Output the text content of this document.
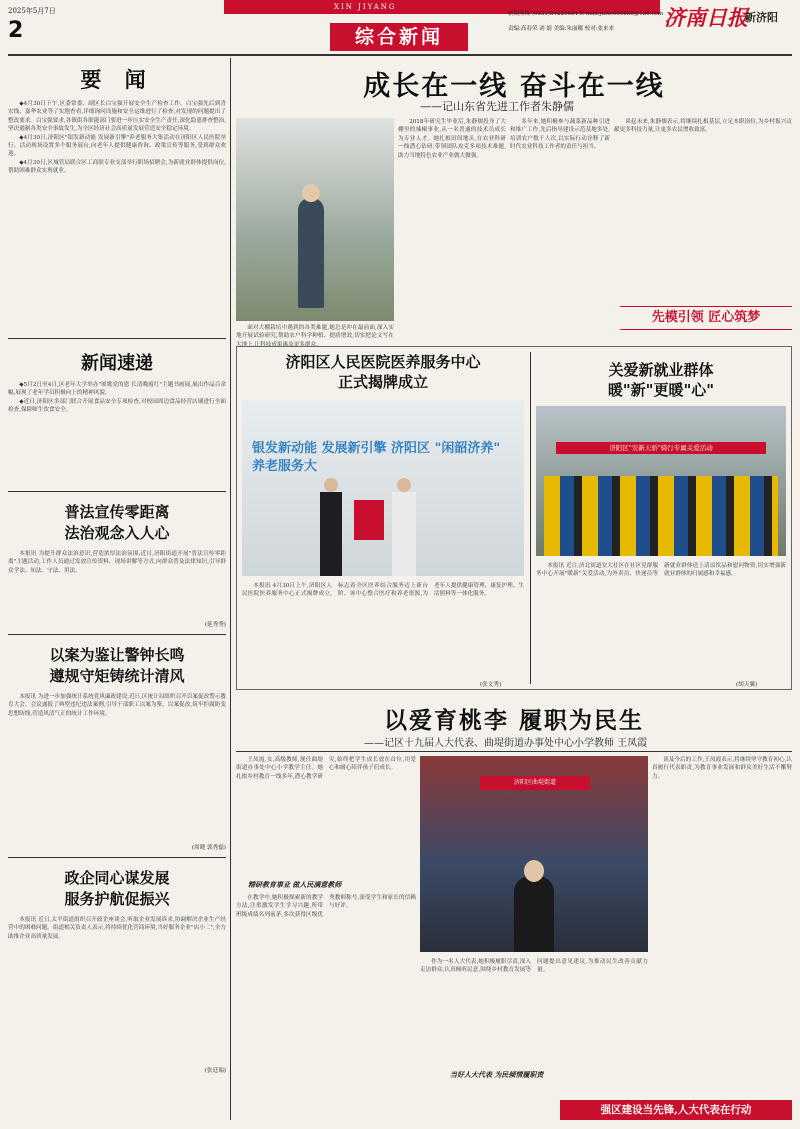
2025年5月7日
2
XIN JIYANG
新闻热线 (0531)84229684 E-mail:jizhe666888@126.com
责编:高春荣 刘 婧 美编:朱丽娜 校对:张来来
综合新闻
济南日报
新济阳
要 闻

◆4月30日下午,区委常委、副区长白宝强开展安全生产检查工作。白宝强先后到青宏线、嘉华农业等了实地查看,详细询问设施和安全运维进行了检查,对发现的问题提出了整改要求。白宝强要求,各镇街各职能部门要进一步压实安全生产责任,深化隐患排查整治,坚决遏制各类安全事故发生,为全区经济社会高质量发展营造安全稳定环境。

◆4月30日,济阳区"银发新动能 发展新引擎"养老服务大集活动在济阳区人民医院举行。活动现场设置多个服务展台,向老年人提供健康咨询、政策宣传等服务,受到群众欢迎。

◆4月30日,区城管局联合区工商联专业支部举行职场招聘会,为新就业群体提供岗位,帮助困难群众实现就业。

新闻速递

◆5月2日至4日,区老年大学举办"颂歌党的恩 长清晚霞红"主题书画展,展出作品百余幅,展现了老年学员积极向上的精神风貌。

◆近日,济阳区多部门联合开展食品安全专项检查,对校园周边食品经营店铺进行全面检查,保障师生饮食安全。

普法宣传零距离
法治观念入人心

本报讯 为提升群众法治意识,营造浓厚法治氛围,近日,济阳街道开展"普法宣传零距离"主题活动,工作人员通过发放宣传资料、现场讲解等方式,向群众普及法律知识,引导群众学法、知法、守法、用法。

(延秀秀)
以案为鉴让警钟长鸣
遵规守矩铸统计清风

本报讯 为进一步加强统计系统党风廉政建设,近日,区统计局组织召开以案促改警示教育大会。会议通报了典型违纪违法案例,引导干部职工以案为鉴、以案促改,筑牢拒腐防变思想防线,营造风清气正的统计工作环境。

(周晓 郭秀磊)
政企同心谋发展
服务护航促振兴

本报讯 近日,太平街道组织召开政企座谈会,听取企业发展诉求,协调解决企业生产经营中的困难问题。街道相关负责人表示,将持续优化营商环境,当好服务企业"店小二",全力助推企业高质量发展。

(张廷瑞)
成长在一线 奋斗在一线
——记山东省先进工作者朱静儒

2018年研究生毕业后,朱静儒投身了大棚里的辣椒事业,从一名普通的技术员成长为专业人才。她扎根田间地头,在农业科研一线潜心钻研,带领团队攻克多项技术难题,助力当地特色农业产业做大做强。

面对大棚栽培中遇到的各类难题,她总是冲在最前面,深入实地开展试验研究,帮助农户科学种植、提质增效,切实把论文写在大地上,让科技成果惠及更多群众。

多年来,她积极参与蔬菜新品种引进和推广工作,先后指导建设示范基地多处,培训农户数千人次,以实际行动诠释了新时代农业科技工作者的责任与担当。

谈起未来,朱静儒表示,将继续扎根基层,立足本职岗位,为乡村振兴贡献更多科技力量,让更多农民增收致富。

先模引领 匠心筑梦
济阳区人民医院医养服务中心
正式揭牌成立
银发新动能 发展新引擎 济阳区 "闲韶济养" 养老服务大

本报讯 4月30日上午,济阳区人民医院医养服务中心正式揭牌成立,标志着全区医养结合服务迈上新台阶。该中心整合医疗和养老资源,为老年人提供健康管理、康复护理、生活照料等一体化服务。

(张文秀)
关爱新就业群体
暖"新"更暖"心"
济阳区"安新天骄"骑行专属关爱活动

本报讯 近日,济北街道安大社区在社区党群服务中心开展"暖新"关爱活动,为外卖员、快递员等新就业群体送上清凉饮品和慰问物资,切实增强新就业群体的归属感和幸福感。

(胡天翼)
以爱育桃李 履职为民生
——记区十九届人大代表、曲堤街道办事处中心小学教师 王凤霞

王凤霞,女,高级教师,现任曲堤街道办事处中心小学教学主任。她扎根乡村教育一线多年,潜心教学研究,始终把学生成长放在首位,用爱心和耐心陪伴孩子们成长。

精研教育事业 做人民满意教师

在教学中,她积极探索新的教学方法,注重激发学生学习兴趣,所带班级成绩名列前茅,多次获得区级优秀教师称号,深受学生和家长的信赖与好评。

济阳区曲堤街道

作为一名人大代表,她积极履职尽责,深入走访群众,认真倾听民意,围绕乡村教育发展等问题提出意见建议,为推动民生改善贡献力量。

当好人大代表 为民倾情履职责

谈及今后的工作,王凤霞表示,将继续坚守教育初心,认真履行代表职责,为教育事业发展和群众美好生活不懈努力。

强区建设当先锋,人大代表在行动
